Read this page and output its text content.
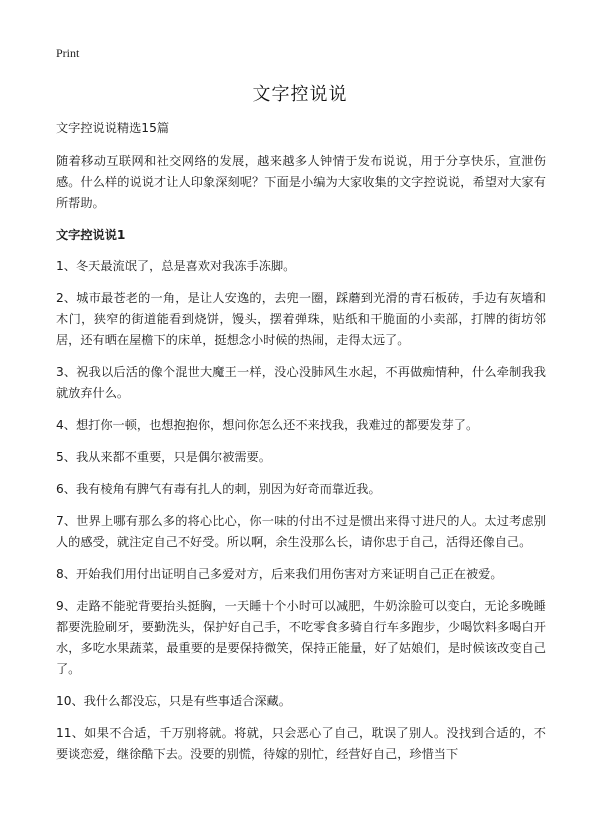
Print
文字控说说

文字控说说精选15篇

随着移动互联网和社交网络的发展，越来越多人钟情于发布说说，用于分享快乐，宣泄伤感。什么样的说说才让人印象深刻呢？下面是小编为大家收集的文字控说说，希望对大家有所帮助。

文字控说说1

1、冬天最流氓了，总是喜欢对我冻手冻脚。

2、城市最苍老的一角，是让人安逸的，去兜一圈，踩蘑到光滑的青石板砖，手边有灰墙和木门，狭窄的街道能看到烧饼，馒头，摆着弹珠，贴纸和干脆面的小卖部，打牌的街坊邻居，还有晒在屋檐下的床单，挺想念小时候的热闹，走得太远了。

3、祝我以后活的像个混世大魔王一样，没心没肺风生水起，不再做痴情种，什么牵制我我就放弃什么。

4、想打你一顿，也想抱抱你，想问你怎么还不来找我，我难过的都要发芽了。

5、我从来都不重要，只是偶尔被需要。

6、我有棱角有脾气有毒有扎人的刺，别因为好奇而靠近我。

7、世界上哪有那么多的将心比心，你一味的付出不过是惯出来得寸进尺的人。太过考虑别人的感受，就注定自己不好受。所以啊，余生没那么长，请你忠于自己，活得还像自己。

8、开始我们用付出证明自己多爱对方，后来我们用伤害对方来证明自己正在被爱。

9、走路不能驼背要抬头挺胸，一天睡十个小时可以减肥，牛奶涂脸可以变白，无论多晚睡都要洗脸刷牙，要勤洗头，保护好自己手，不吃零食多骑自行车多跑步，少喝饮料多喝白开水，多吃水果蔬菜，最重要的是要保持微笑，保持正能量，好了姑娘们，是时候该改变自己了。

10、我什么都没忘，只是有些事适合深藏。

11、如果不合适，千万别将就。将就，只会恶心了自己，耽误了别人。没找到合适的，不要谈恋爱，继徐酷下去。没要的别慌，待嫁的别忙，经营好自己，珍惜当下
